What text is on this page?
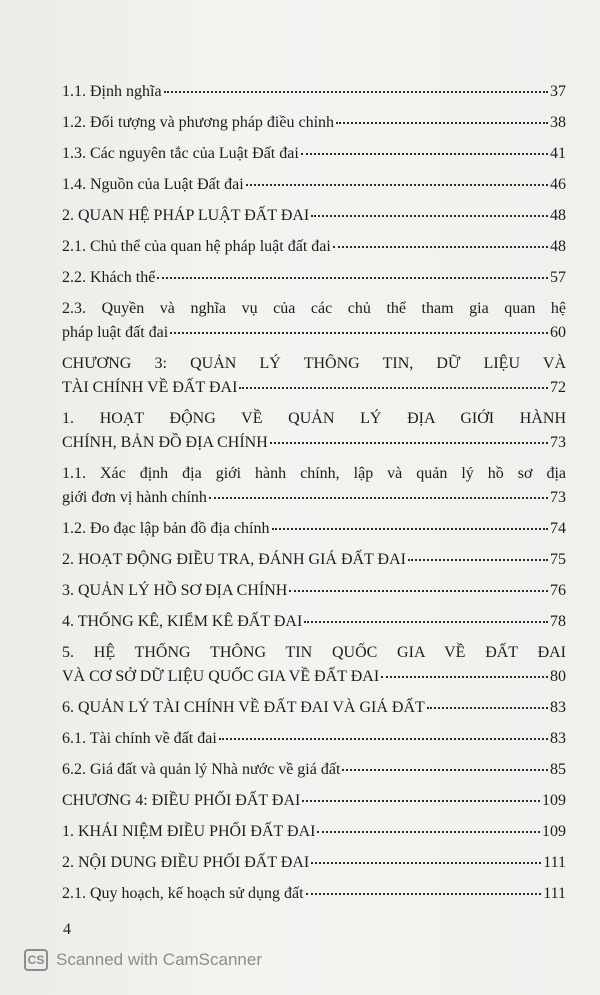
1.1. Định nghĩa	37
1.2. Đối tượng và phương pháp điều chỉnh	38
1.3. Các nguyên tắc của Luật Đất đai	41
1.4. Nguồn của Luật Đất đai	46
2. QUAN HỆ PHÁP LUẬT ĐẤT ĐAI	48
2.1. Chủ thể của quan hệ pháp luật đất đai	48
2.2. Khách thể	57
2.3. Quyền và nghĩa vụ của các chủ thể tham gia quan hệ
pháp luật đất đai	60
CHƯƠNG 3: QUẢN LÝ THÔNG TIN, DỮ LIỆU VÀ
TÀI CHÍNH VỀ ĐẤT ĐAI	72
1. HOẠT ĐỘNG VỀ QUẢN LÝ ĐỊA GIỚI HÀNH
CHÍNH, BẢN ĐỒ ĐỊA CHÍNH	73
1.1. Xác định địa giới hành chính, lập và quản lý hồ sơ địa
giới đơn vị hành chính	73
1.2. Đo đạc lập bản đồ địa chính	74
2. HOẠT ĐỘNG ĐIỀU TRA, ĐÁNH GIÁ ĐẤT ĐAI	75
3. QUẢN LÝ HỒ SƠ ĐỊA CHÍNH	76
4. THỐNG KÊ, KIỂM KÊ ĐẤT ĐAI	78
5. HỆ THỐNG THÔNG TIN QUỐC GIA VỀ ĐẤT ĐAI
VÀ CƠ SỞ DỮ LIỆU QUỐC GIA VỀ ĐẤT ĐAI	80
6. QUẢN LÝ TÀI CHÍNH VỀ ĐẤT ĐAI VÀ GIÁ ĐẤT	83
6.1. Tài chính về đất đai	83
6.2. Giá đất và quản lý Nhà nước về giá đất	85
CHƯƠNG 4: ĐIỀU PHỐI ĐẤT ĐAI	109
1. KHÁI NIỆM ĐIỀU PHỐI ĐẤT ĐAI	109
2. NỘI DUNG ĐIỀU PHỐI ĐẤT ĐAI	111
2.1. Quy hoạch, kế hoạch sử dụng đất	111
4
CS Scanned with CamScanner
